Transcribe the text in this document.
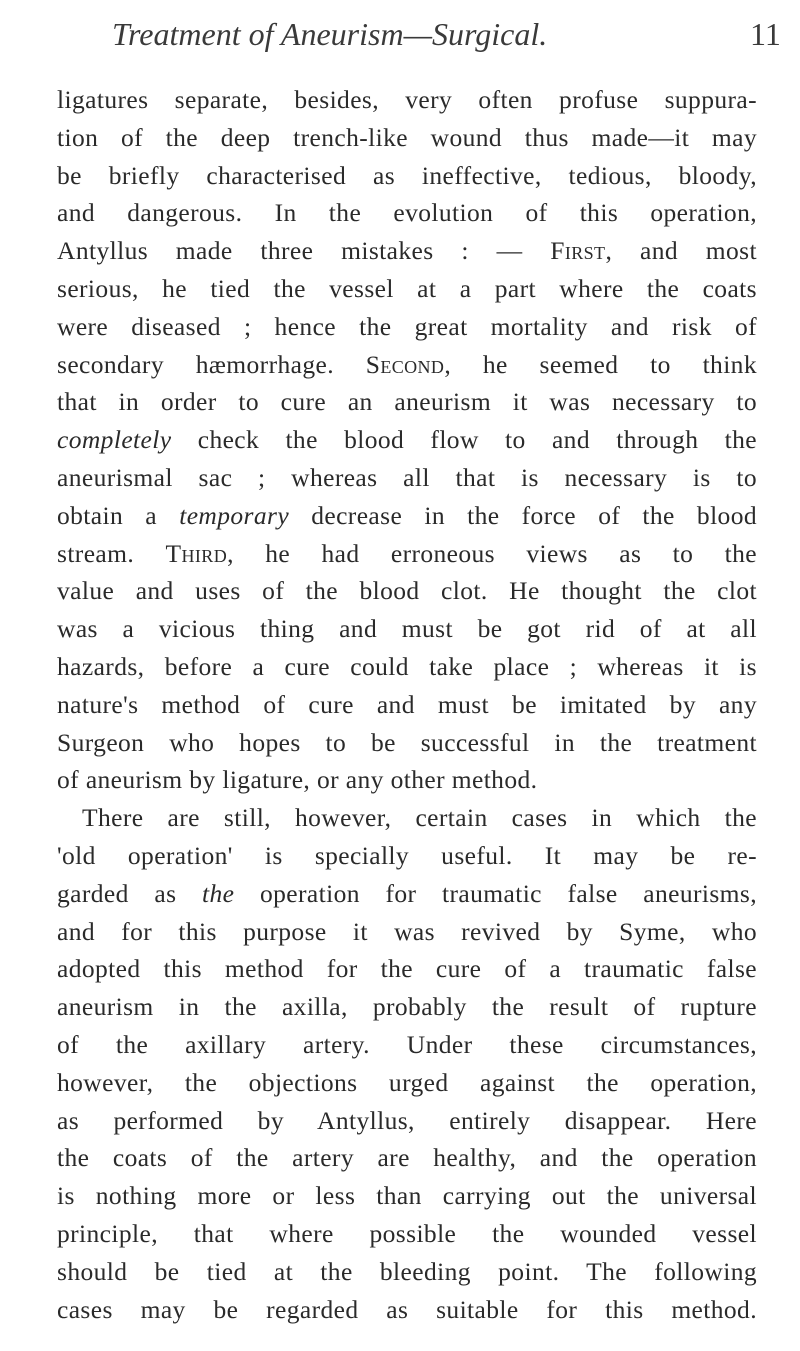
Treatment of Aneurism—Surgical.	11
ligatures separate, besides, very often profuse suppura-
tion of the deep trench-like wound thus made—it may
be briefly characterised as ineffective, tedious, bloody,
and dangerous. In the evolution of this operation,
Antyllus made three mistakes : — First, and most
serious, he tied the vessel at a part where the coats
were diseased ; hence the great mortality and risk of
secondary hæmorrhage. Second, he seemed to think
that in order to cure an aneurism it was necessary to
completely check the blood flow to and through the
aneurismal sac ; whereas all that is necessary is to
obtain a temporary decrease in the force of the blood
stream. Third, he had erroneous views as to the
value and uses of the blood clot. He thought the clot
was a vicious thing and must be got rid of at all
hazards, before a cure could take place ; whereas it is
nature's method of cure and must be imitated by any
Surgeon who hopes to be successful in the treatment
of aneurism by ligature, or any other method.
There are still, however, certain cases in which the
'old operation' is specially useful. It may be re-
garded as the operation for traumatic false aneurisms,
and for this purpose it was revived by Syme, who
adopted this method for the cure of a traumatic false
aneurism in the axilla, probably the result of rupture
of the axillary artery. Under these circumstances,
however, the objections urged against the operation,
as performed by Antyllus, entirely disappear. Here
the coats of the artery are healthy, and the operation
is nothing more or less than carrying out the universal
principle, that where possible the wounded vessel
should be tied at the bleeding point. The following
cases may be regarded as suitable for this method.
